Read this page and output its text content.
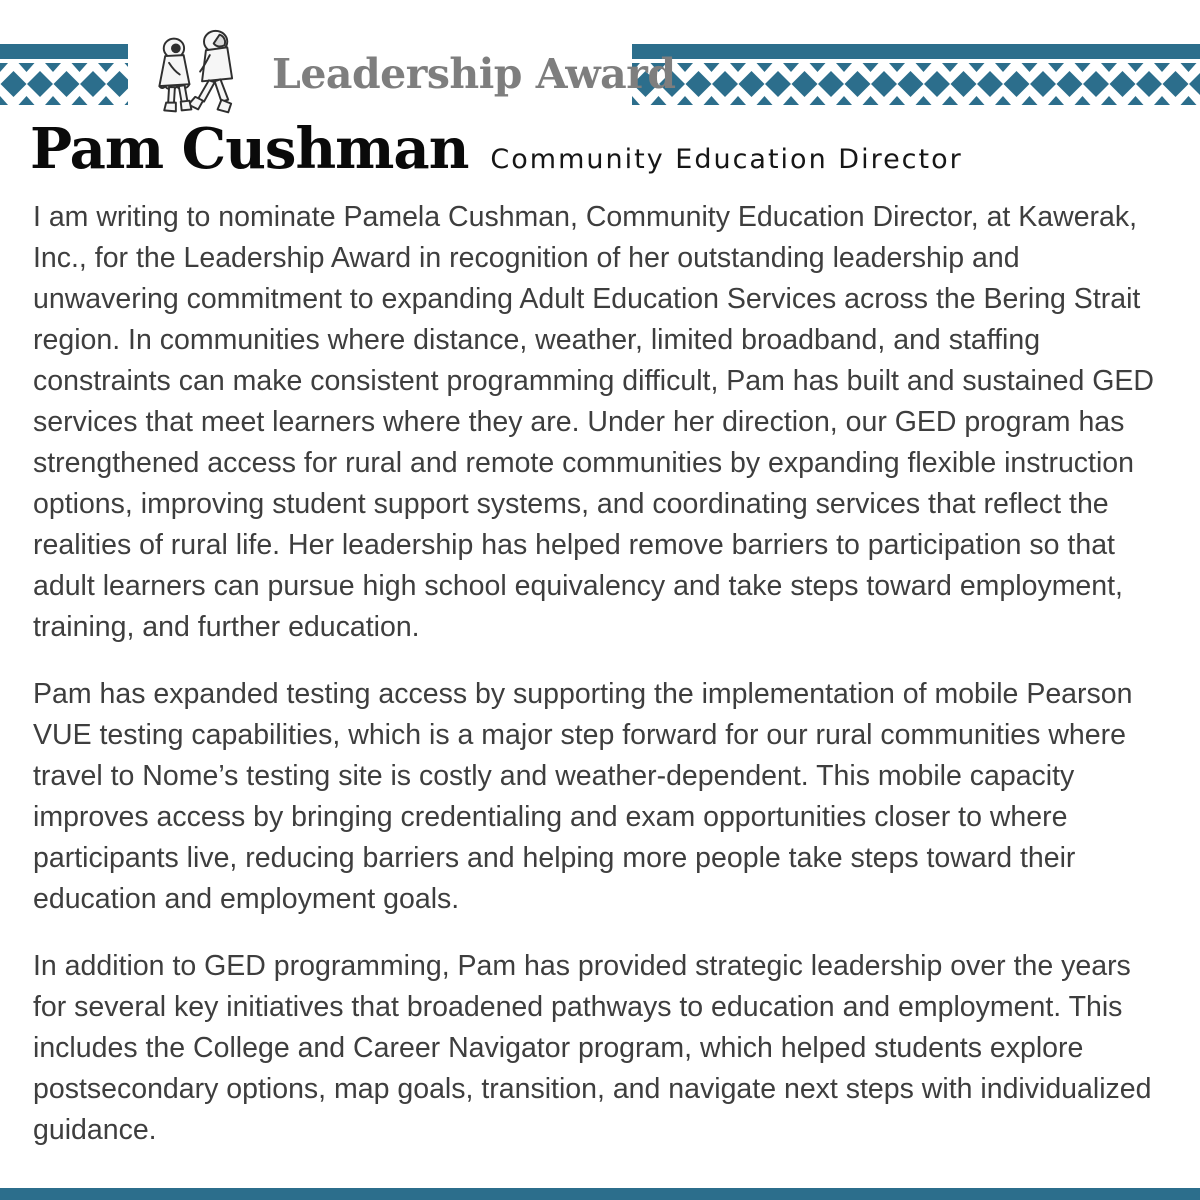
Leadership Award
Pam Cushman Community Education Director

I am writing to nominate Pamela Cushman, Community Education Director, at Kawerak, Inc., for the Leadership Award in recognition of her outstanding leadership and unwavering commitment to expanding Adult Education Services across the Bering Strait region. In communities where distance, weather, limited broadband, and staffing constraints can make consistent programming difficult, Pam has built and sustained GED services that meet learners where they are. Under her direction, our GED program has strengthened access for rural and remote communities by expanding flexible instruction options, improving student support systems, and coordinating services that reflect the realities of rural life. Her leadership has helped remove barriers to participation so that adult learners can pursue high school equivalency and take steps toward employment, training, and further education.

Pam has expanded testing access by supporting the implementation of mobile Pearson VUE testing capabilities, which is a major step forward for our rural communities where travel to Nome’s testing site is costly and weather-dependent. This mobile capacity improves access by bringing credentialing and exam opportunities closer to where participants live, reducing barriers and helping more people take steps toward their education and employment goals.

In addition to GED programming, Pam has provided strategic leadership over the years for several key initiatives that broadened pathways to education and employment. This includes the College and Career Navigator program, which helped students explore postsecondary options, map goals, transition, and navigate next steps with individualized guidance.
